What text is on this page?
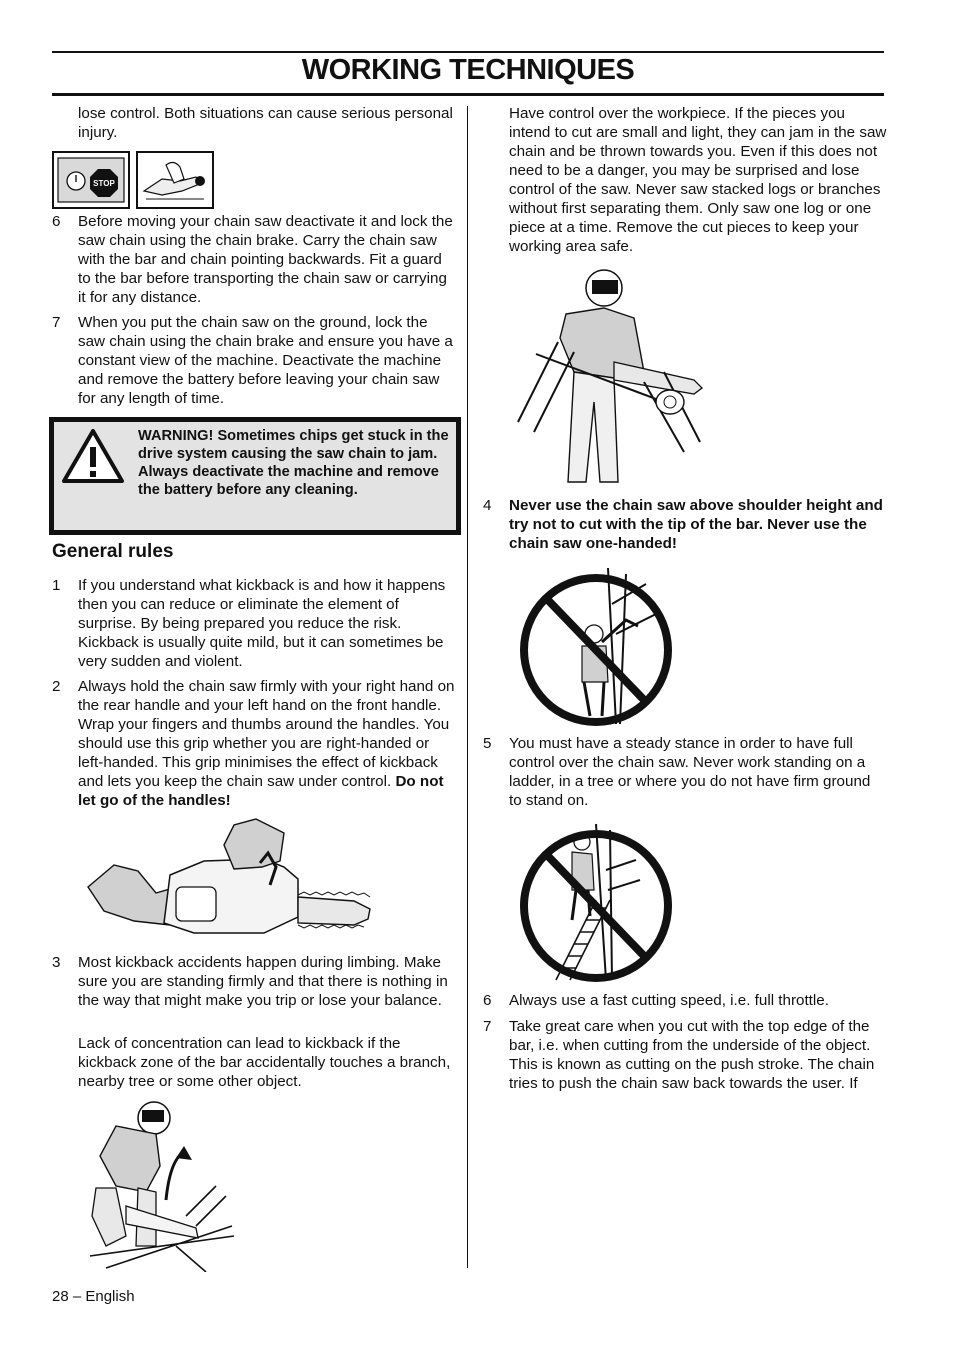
WORKING TECHNIQUES

lose control. Both situations can cause serious personal injury.

STOP
6 Before moving your chain saw deactivate it and lock the saw chain using the chain brake. Carry the chain saw with the bar and chain pointing backwards. Fit a guard to the bar before transporting the chain saw or carrying it for any distance.
7 When you put the chain saw on the ground, lock the saw chain using the chain brake and ensure you have a constant view of the machine. Deactivate the machine and remove the battery before leaving your chain saw for any length of time.
WARNING! Sometimes chips get stuck in the drive system causing the saw chain to jam. Always deactivate the machine and remove the battery before any cleaning.
General rules
1 If you understand what kickback is and how it happens then you can reduce or eliminate the element of surprise. By being prepared you reduce the risk. Kickback is usually quite mild, but it can sometimes be very sudden and violent.
2 Always hold the chain saw firmly with your right hand on the rear handle and your left hand on the front handle. Wrap your fingers and thumbs around the handles. You should use this grip whether you are right-handed or left-handed. This grip minimises the effect of kickback and lets you keep the chain saw under control. Do not let go of the handles!
3 Most kickback accidents happen during limbing. Make sure you are standing firmly and that there is nothing in the way that might make you trip or lose your balance.

Lack of concentration can lead to kickback if the kickback zone of the bar accidentally touches a branch, nearby tree or some other object.

Have control over the workpiece. If the pieces you intend to cut are small and light, they can jam in the saw chain and be thrown towards you. Even if this does not need to be a danger, you may be surprised and lose control of the saw. Never saw stacked logs or branches without first separating them. Only saw one log or one piece at a time. Remove the cut pieces to keep your working area safe.

4 Never use the chain saw above shoulder height and try not to cut with the tip of the bar. Never use the chain saw one-handed!
5 You must have a steady stance in order to have full control over the chain saw. Never work standing on a ladder, in a tree or where you do not have firm ground to stand on.
6 Always use a fast cutting speed, i.e. full throttle.
7 Take great care when you cut with the top edge of the bar, i.e. when cutting from the underside of the object. This is known as cutting on the push stroke. The chain tries to push the chain saw back towards the user. If
28 – English
